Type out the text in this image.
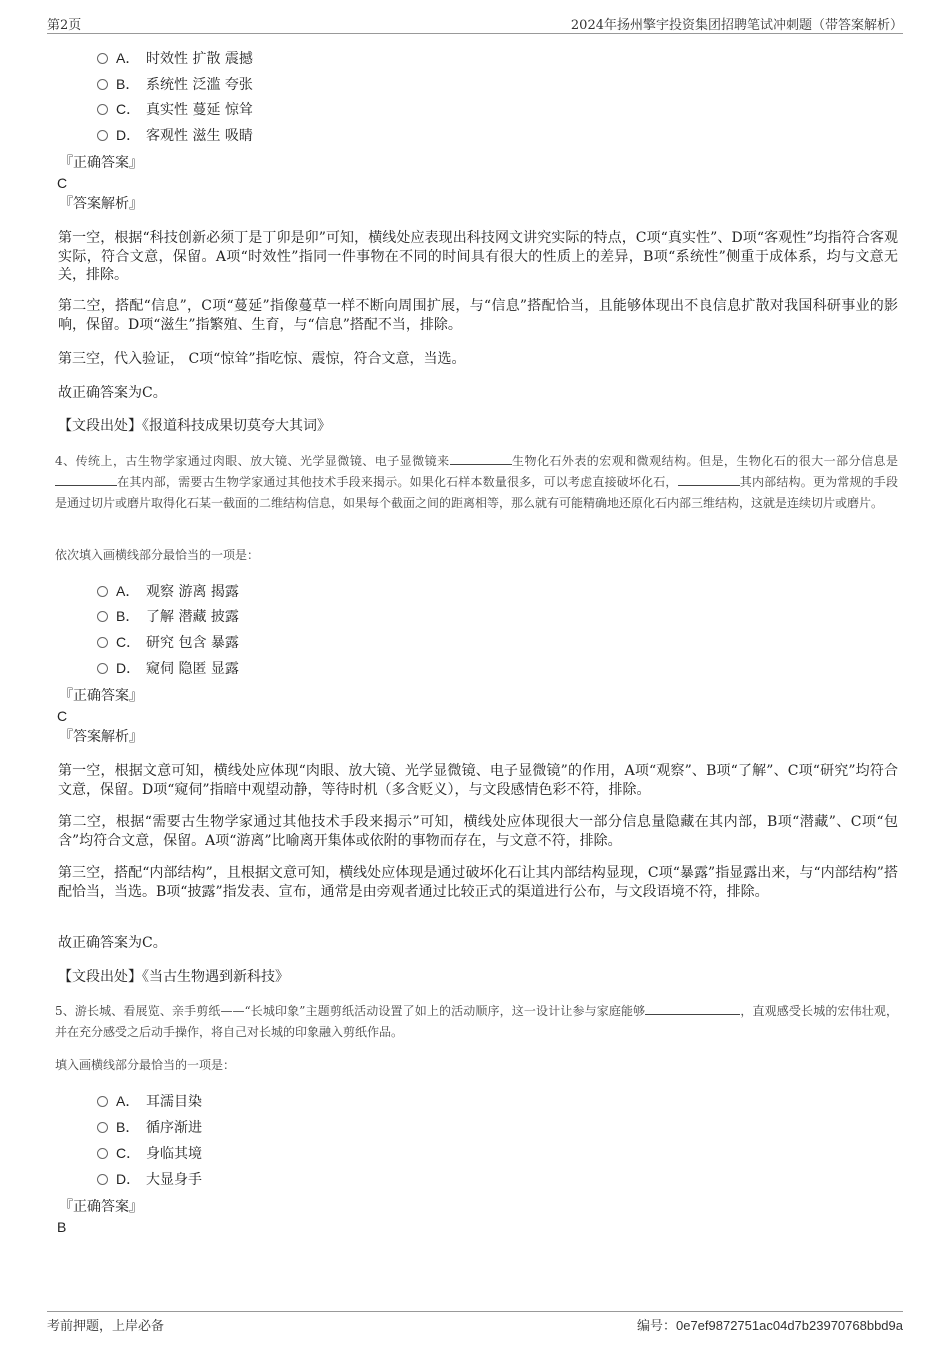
第2页	2024年扬州擎宇投资集团招聘笔试冲刺题（带答案解析）
A． 时效性 扩散 震撼
B． 系统性 泛滥 夸张
C． 真实性 蔓延 惊耸
D． 客观性 滋生 吸睛
『正确答案』
C
『答案解析』
第一空，根据“科技创新必须丁是丁卯是卯”可知，横线处应表现出科技网文讲究实际的特点，C项“真实性”、D项“客观性”均指符合客观实际，符合文意，保留。A项“时效性”指同一件事物在不同的时间具有很大的性质上的差异，B项“系统性”侧重于成体系，均与文意无关，排除。
第二空，搭配“信息”，C项“蔓延”指像蔓草一样不断向周围扩展，与“信息”搭配恰当，且能够体现出不良信息扩散对我国科研事业的影响，保留。D项“滋生”指繁殖、生育，与“信息”搭配不当，排除。
第三空，代入验证， C项“惊耸”指吃惊、震惊，符合文意，当选。
故正确答案为C。
【文段出处】《报道科技成果切莫夸大其词》
4、传统上，古生物学家通过肉眼、放大镜、光学显微镜、电子显微镜来	生物化石外表的宏观和微观结构。但是，生物化石的很大一部分信息是在其内部，需要古生物学家通过其他技术手段来揭示。如果化石样本数量很多，可以考虑直接破坏化石，	其内部结构。更为常规的手段是通过切片或磨片取得化石某一截面的二维结构信息，如果每个截面之间的距离相等，那么就有可能精确地还原化石内部三维结构，这就是连续切片或磨片。
依次填入画横线部分最恰当的一项是：
A． 观察 游离 揭露
B． 了解 潜藏 披露
C． 研究 包含 暴露
D． 窥伺 隐匿 显露
『正确答案』
C
『答案解析』
第一空，根据文意可知，横线处应体现“肉眼、放大镜、光学显微镜、电子显微镜”的作用，A项“观察”、B项“了解”、C项“研究”均符合文意，保留。D项“窥伺”指暗中观望动静，等待时机（多含贬义），与文段感情色彩不符，排除。
第二空，根据“需要古生物学家通过其他技术手段来揭示”可知，横线处应体现很大一部分信息量隐藏在其内部，B项“潜藏”、C项“包含”均符合文意，保留。A项“游离”比喻离开集体或依附的事物而存在，与文意不符，排除。
第三空，搭配“内部结构”，且根据文意可知，横线处应体现是通过破坏化石让其内部结构显现，C项“暴露”指显露出来，与“内部结构”搭配恰当，当选。B项“披露”指发表、宣布，通常是由旁观者通过比较正式的渠道进行公布，与文段语境不符，排除。
故正确答案为C。
【文段出处】《当古生物遇到新科技》
5、游长城、看展览、亲手剪纸——“长城印象”主题剪纸活动设置了如上的活动顺序，这一设计让参与家庭能够	，直观感受长城的宏伟壮观，并在充分感受之后动手操作，将自己对长城的印象融入剪纸作品。
填入画横线部分最恰当的一项是：
A． 耳濡目染
B． 循序渐进
C． 身临其境
D． 大显身手
『正确答案』
B
考前押题，上岸必备	编号：0e7ef9872751ac04d7b23970768bbd9a
